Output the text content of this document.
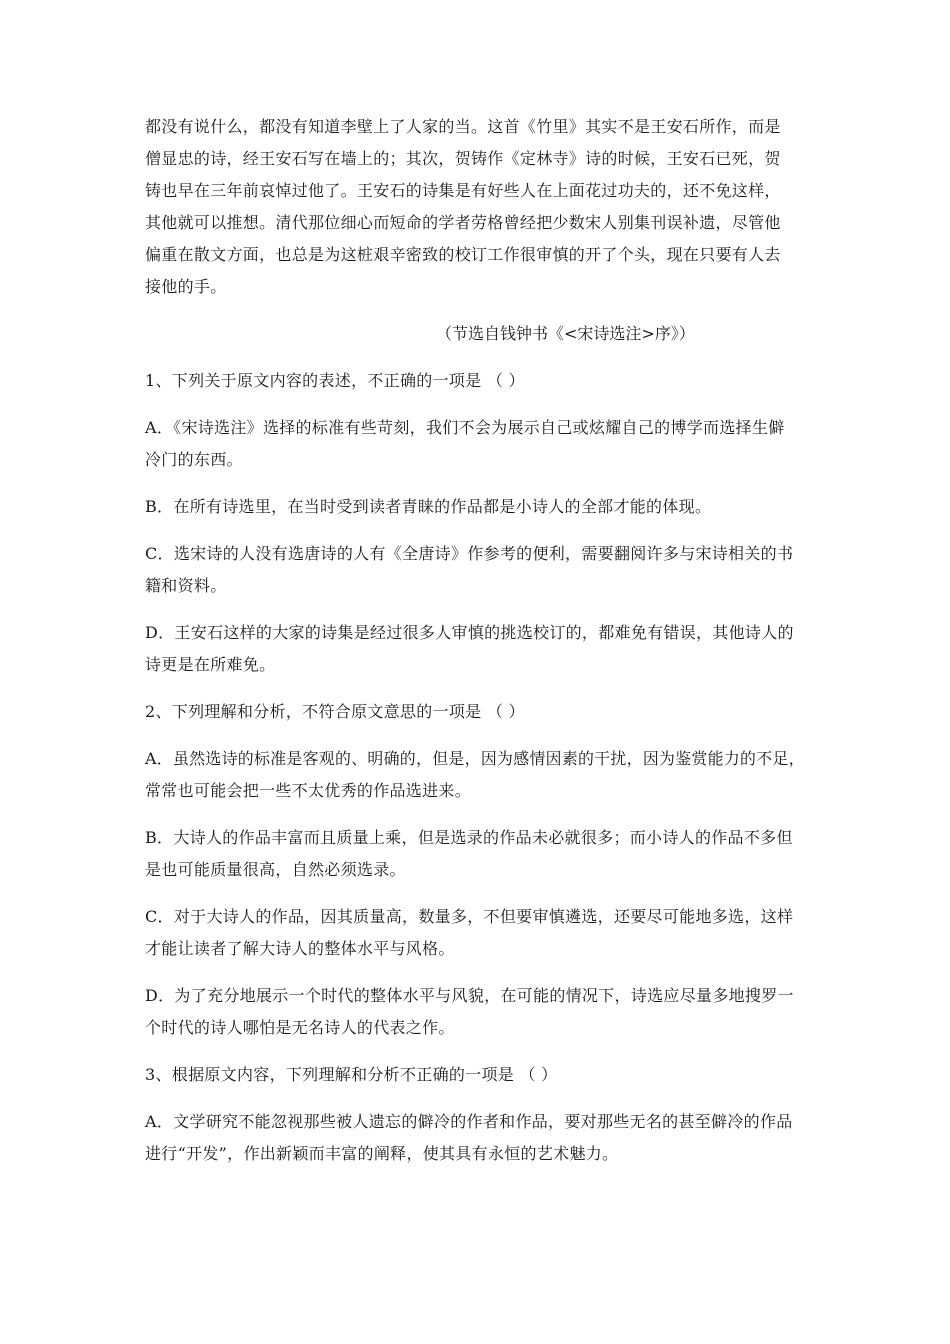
都没有说什么，都没有知道李壁上了人家的当。这首《竹里》其实不是王安石所作，而是
僧显忠的诗，经王安石写在墙上的；其次，贺铸作《定林寺》诗的时候，王安石已死，贺
铸也早在三年前哀悼过他了。王安石的诗集是有好些人在上面花过功夫的，还不免这样，
其他就可以推想。清代那位细心而短命的学者劳格曾经把少数宋人别集刊误补遗，尽管他
偏重在散文方面，也总是为这桩艰辛密致的校订工作很审慎的开了个头，现在只要有人去
接他的手。
（节选自钱钟书《<宋诗选注>序》）
1、下列关于原文内容的表述，不正确的一项是 （ ）
A．《宋诗选注》选择的标准有些苛刻，我们不会为展示自己或炫耀自己的博学而选择生僻
冷门的东西。
B．在所有诗选里，在当时受到读者青睐的作品都是小诗人的全部才能的体现。
C．选宋诗的人没有选唐诗的人有《全唐诗》作参考的便利，需要翻阅许多与宋诗相关的书
籍和资料。
D．王安石这样的大家的诗集是经过很多人审慎的挑选校订的，都难免有错误，其他诗人的
诗更是在所难免。
2、下列理解和分析，不符合原文意思的一项是 （ ）
A．虽然选诗的标准是客观的、明确的，但是，因为感情因素的干扰，因为鉴赏能力的不足，
常常也可能会把一些不太优秀的作品选进来。
B．大诗人的作品丰富而且质量上乘，但是选录的作品未必就很多；而小诗人的作品不多但
是也可能质量很高，自然必须选录。
C．对于大诗人的作品，因其质量高，数量多，不但要审慎遴选，还要尽可能地多选，这样
才能让读者了解大诗人的整体水平与风格。
D．为了充分地展示一个时代的整体水平与风貌，在可能的情况下，诗选应尽量多地搜罗一
个时代的诗人哪怕是无名诗人的代表之作。
3、根据原文内容，下列理解和分析不正确的一项是 （ ）
A．文学研究不能忽视那些被人遗忘的僻冷的作者和作品，要对那些无名的甚至僻冷的作品
进行“开发”，作出新颖而丰富的阐释，使其具有永恒的艺术魅力。
